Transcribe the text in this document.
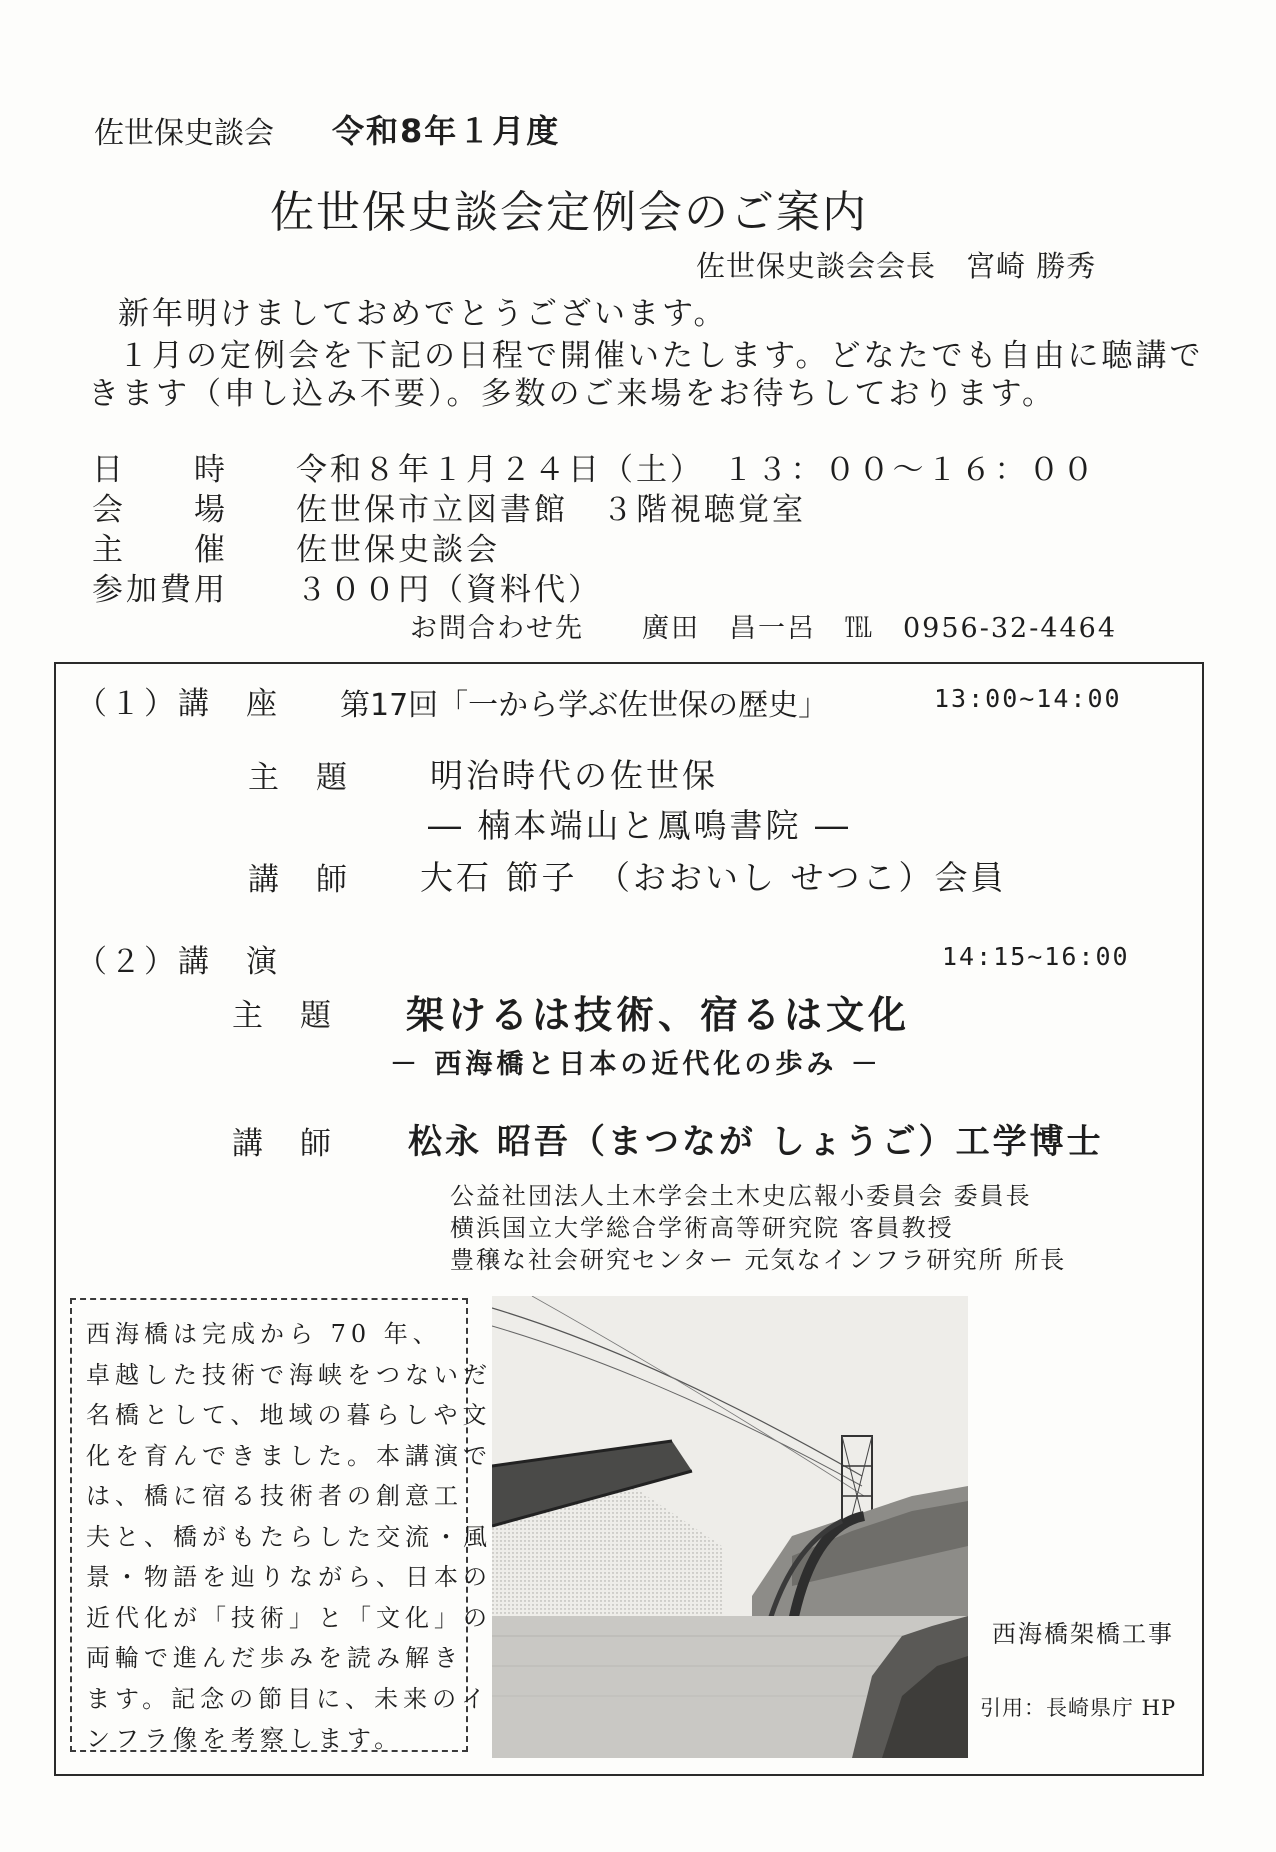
佐世保史談会 令和8年１月度
佐世保史談会定例会のご案内
佐世保史談会会長　宮崎 勝秀
新年明けましておめでとうございます。
１月の定例会を下記の日程で開催いたします。どなたでも自由に聴講で
きます（申し込み不要）。多数のご来場をお待ちしております。
日　　時 令和８年１月２４日（土）　１３：００～１６：００
会　　場 佐世保市立図書館　３階視聴覚室
主　　催 佐世保史談会
参加費用 ３００円（資料代）
お問合わせ先　　廣田　昌一呂　℡　0956-32-4464
（１）講　座 第17回「一から学ぶ佐世保の歴史」	13:00~14:00
主　題 明治時代の佐世保
― 楠本端山と鳳鳴書院 ―
講　師 大石 節子　（おおいし せつこ）会員
（２）講　演	14:15~16:00
主　題 架けるは技術、宿るは文化
－ 西海橋と日本の近代化の歩み －
講　師 松永 昭吾（まつなが しょうご）工学博士
公益社団法人土木学会土木史広報小委員会 委員長
横浜国立大学総合学術高等研究院 客員教授
豊穣な社会研究センター 元気なインフラ研究所 所長
西海橋は完成から 70 年、
卓越した技術で海峡をつないだ
名橋として、地域の暮らしや文
化を育んできました。本講演で
は、橋に宿る技術者の創意工
夫と、橋がもたらした交流・風
景・物語を辿りながら、日本の
近代化が「技術」と「文化」の
両輪で進んだ歩みを読み解き
ます。記念の節目に、未来のイ
ンフラ像を考察します。
西海橋架橋工事
引用：長崎県庁 HP
